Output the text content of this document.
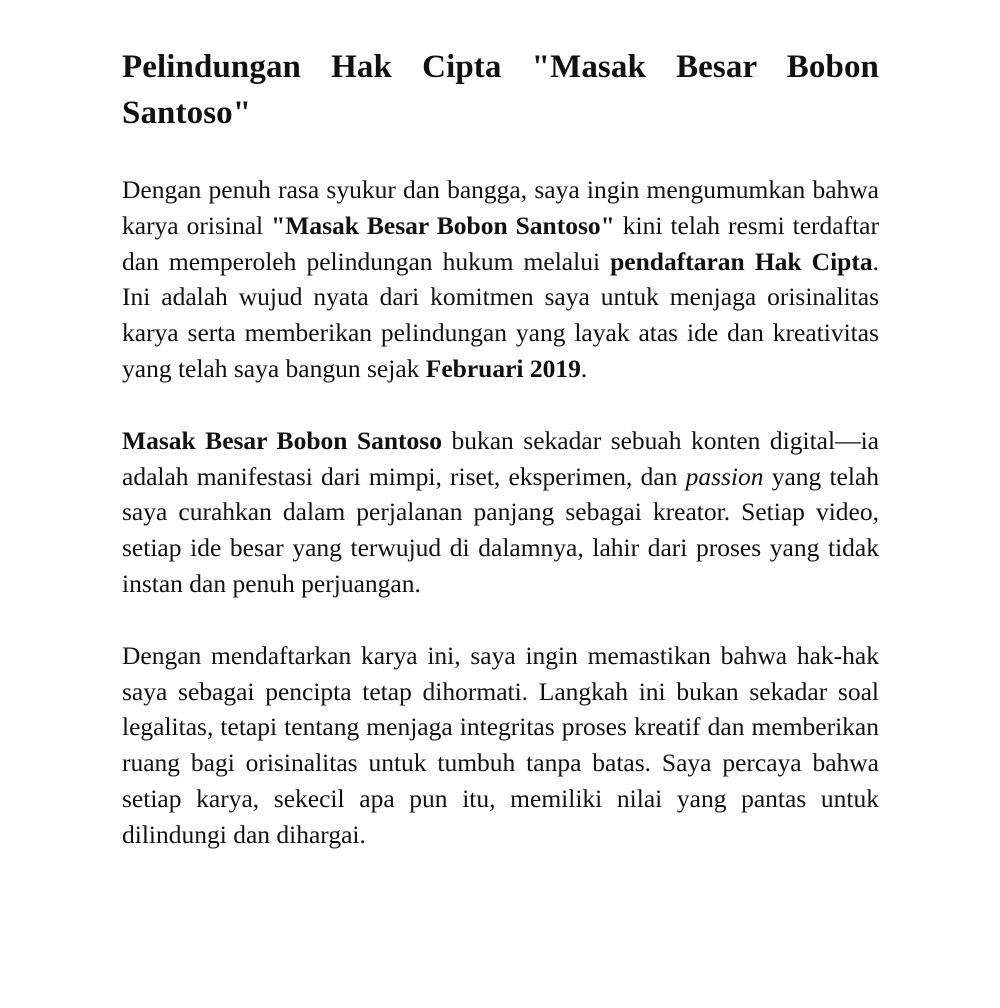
Pelindungan Hak Cipta "Masak Besar Bobon Santoso"

Dengan penuh rasa syukur dan bangga, saya ingin mengumumkan bahwa karya orisinal "Masak Besar Bobon Santoso" kini telah resmi terdaftar dan memperoleh pelindungan hukum melalui pendaftaran Hak Cipta. Ini adalah wujud nyata dari komitmen saya untuk menjaga orisinalitas karya serta memberikan pelindungan yang layak atas ide dan kreativitas yang telah saya bangun sejak Februari 2019.

Masak Besar Bobon Santoso bukan sekadar sebuah konten digital—ia adalah manifestasi dari mimpi, riset, eksperimen, dan passion yang telah saya curahkan dalam perjalanan panjang sebagai kreator. Setiap video, setiap ide besar yang terwujud di dalamnya, lahir dari proses yang tidak instan dan penuh perjuangan.

Dengan mendaftarkan karya ini, saya ingin memastikan bahwa hak-hak saya sebagai pencipta tetap dihormati. Langkah ini bukan sekadar soal legalitas, tetapi tentang menjaga integritas proses kreatif dan memberikan ruang bagi orisinalitas untuk tumbuh tanpa batas. Saya percaya bahwa setiap karya, sekecil apa pun itu, memiliki nilai yang pantas untuk dilindungi dan dihargai.
